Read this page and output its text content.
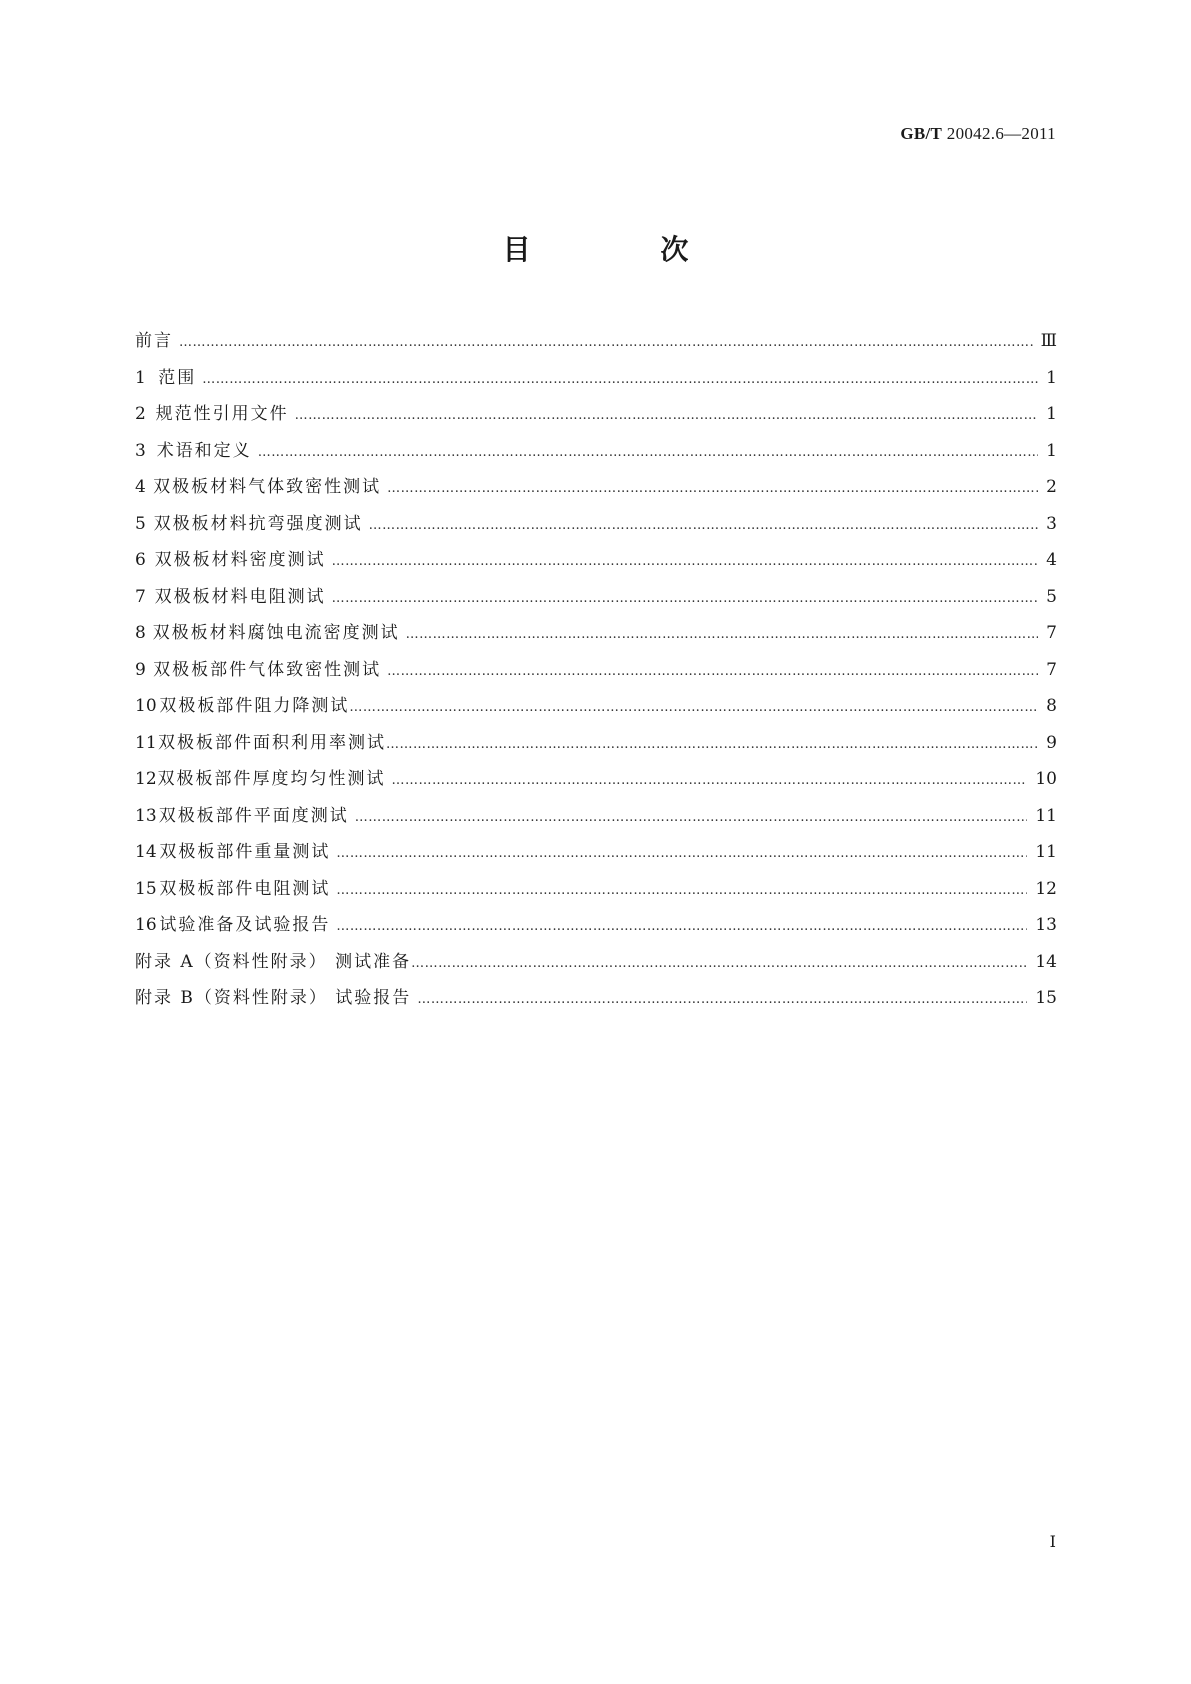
GB/T 20042.6—2011
目 次
前言 …………………………………………………………………………………………………………………………………………………………………………………………………………………………………………	Ⅲ
1 范围 …………………………………………………………………………………………………………………………………………………………………………………………………………………………………………	1
2 规范性引用文件 …………………………………………………………………………………………………………………………………………………………………………………………………………………………………………	1
3 术语和定义 …………………………………………………………………………………………………………………………………………………………………………………………………………………………………………	1
4 双极板材料气体致密性测试 …………………………………………………………………………………………………………………………………………………………………………………………………………………………………………	2
5 双极板材料抗弯强度测试 …………………………………………………………………………………………………………………………………………………………………………………………………………………………………………	3
6 双极板材料密度测试 …………………………………………………………………………………………………………………………………………………………………………………………………………………………………………	4
7 双极板材料电阻测试 …………………………………………………………………………………………………………………………………………………………………………………………………………………………………………	5
8 双极板材料腐蚀电流密度测试 …………………………………………………………………………………………………………………………………………………………………………………………………………………………………………	7
9 双极板部件气体致密性测试 …………………………………………………………………………………………………………………………………………………………………………………………………………………………………………	7
10 双极板部件阻力降测试 …………………………………………………………………………………………………………………………………………………………………………………………………………………………………………	8
11 双极板部件面积利用率测试 …………………………………………………………………………………………………………………………………………………………………………………………………………………………………………	9
12 双极板部件厚度均匀性测试 …………………………………………………………………………………………………………………………………………………………………………………………………………………………………………	10
13 双极板部件平面度测试 …………………………………………………………………………………………………………………………………………………………………………………………………………………………………………	11
14 双极板部件重量测试 …………………………………………………………………………………………………………………………………………………………………………………………………………………………………………	11
15 双极板部件电阻测试 …………………………………………………………………………………………………………………………………………………………………………………………………………………………………………	12
16 试验准备及试验报告 …………………………………………………………………………………………………………………………………………………………………………………………………………………………………………	13
附录 A（资料性附录） 测试准备 …………………………………………………………………………………………………………………………………………………………………………………………………………………………………………	14
附录 B（资料性附录） 试验报告 …………………………………………………………………………………………………………………………………………………………………………………………………………………………………………	15
I
